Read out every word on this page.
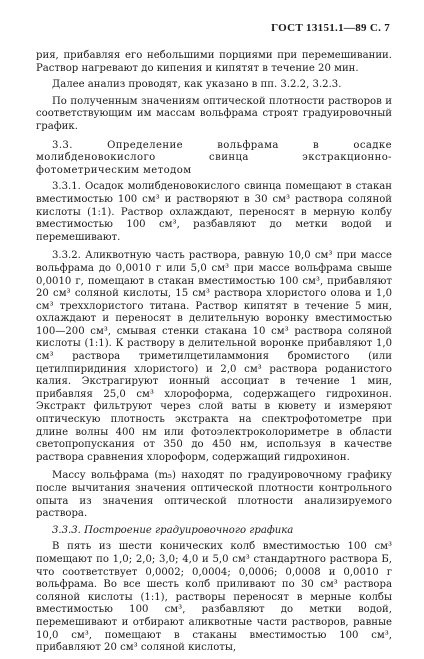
ГОСТ 13151.1—89 С. 7

рия, прибавляя его небольшими порциями при перемешивании. Раствор нагревают до кипения и кипятят в течение 20 мин.

Далее анализ проводят, как указано в пп. 3.2.2, 3.2.3.

По полученным значениям оптической плотности растворов и соответствующим им массам вольфрама строят градуировочный график.

3.3. Определение вольфрама в осадке молибденовокислого свинца экстракционно-фотометрическим методом

3.3.1. Осадок молибденовокислого свинца помещают в стакан вместимостью 100 см³ и растворяют в 30 см³ раствора соляной кислоты (1:1). Раствор охлаждают, переносят в мерную колбу вместимостью 100 см³, разбавляют до метки водой и перемешивают.

3.3.2. Аликвотную часть раствора, равную 10,0 см³ при массе вольфрама до 0,0010 г или 5,0 см³ при массе вольфрама свыше 0,0010 г, помещают в стакан вместимостью 100 см³, прибавляют 20 см³ соляной кислоты, 15 см³ раствора хлористого олова и 1,0 см³ треххлористого титана. Раствор кипятят в течение 5 мин, охлаждают и переносят в делительную воронку вместимостью 100—200 см³, смывая стенки стакана 10 см³ раствора соляной кислоты (1:1). К раствору в делительной воронке прибавляют 1,0 см³ раствора триметилцетиламмония бромистого (или цетилпиридиния хлористого) и 2,0 см³ раствора роданистого калия. Экстрагируют ионный ассоциат в течение 1 мин, прибавляя 25,0 см³ хлороформа, содержащего гидрохинон. Экстракт фильтруют через слой ваты в кювету и измеряют оптическую плотность экстракта на спектрофотометре при длине волны 400 нм или фотоэлектроколориметре в области светопропускания от 350 до 450 нм, используя в качестве раствора сравнения хлороформ, содержащий гидрохинон.

Массу вольфрама (m₅) находят по градуировочному графику после вычитания значения оптической плотности контрольного опыта из значения оптической плотности анализируемого раствора.

3.3.3. Построение градуировочного графика

В пять из шести конических колб вместимостью 100 см³ помещают по 1,0; 2,0; 3,0; 4,0 и 5,0 см³ стандартного раствора Б, что соответствует 0,0002; 0,0004; 0,0006; 0,0008 и 0,0010 г вольфрама. Во все шесть колб приливают по 30 см³ раствора соляной кислоты (1:1), растворы переносят в мерные колбы вместимостью 100 см³, разбавляют до метки водой, перемешивают и отбирают аликвотные части растворов, равные 10,0 см³, помещают в стаканы вместимостью 100 см³, прибавляют 20 см³ соляной кислоты,
